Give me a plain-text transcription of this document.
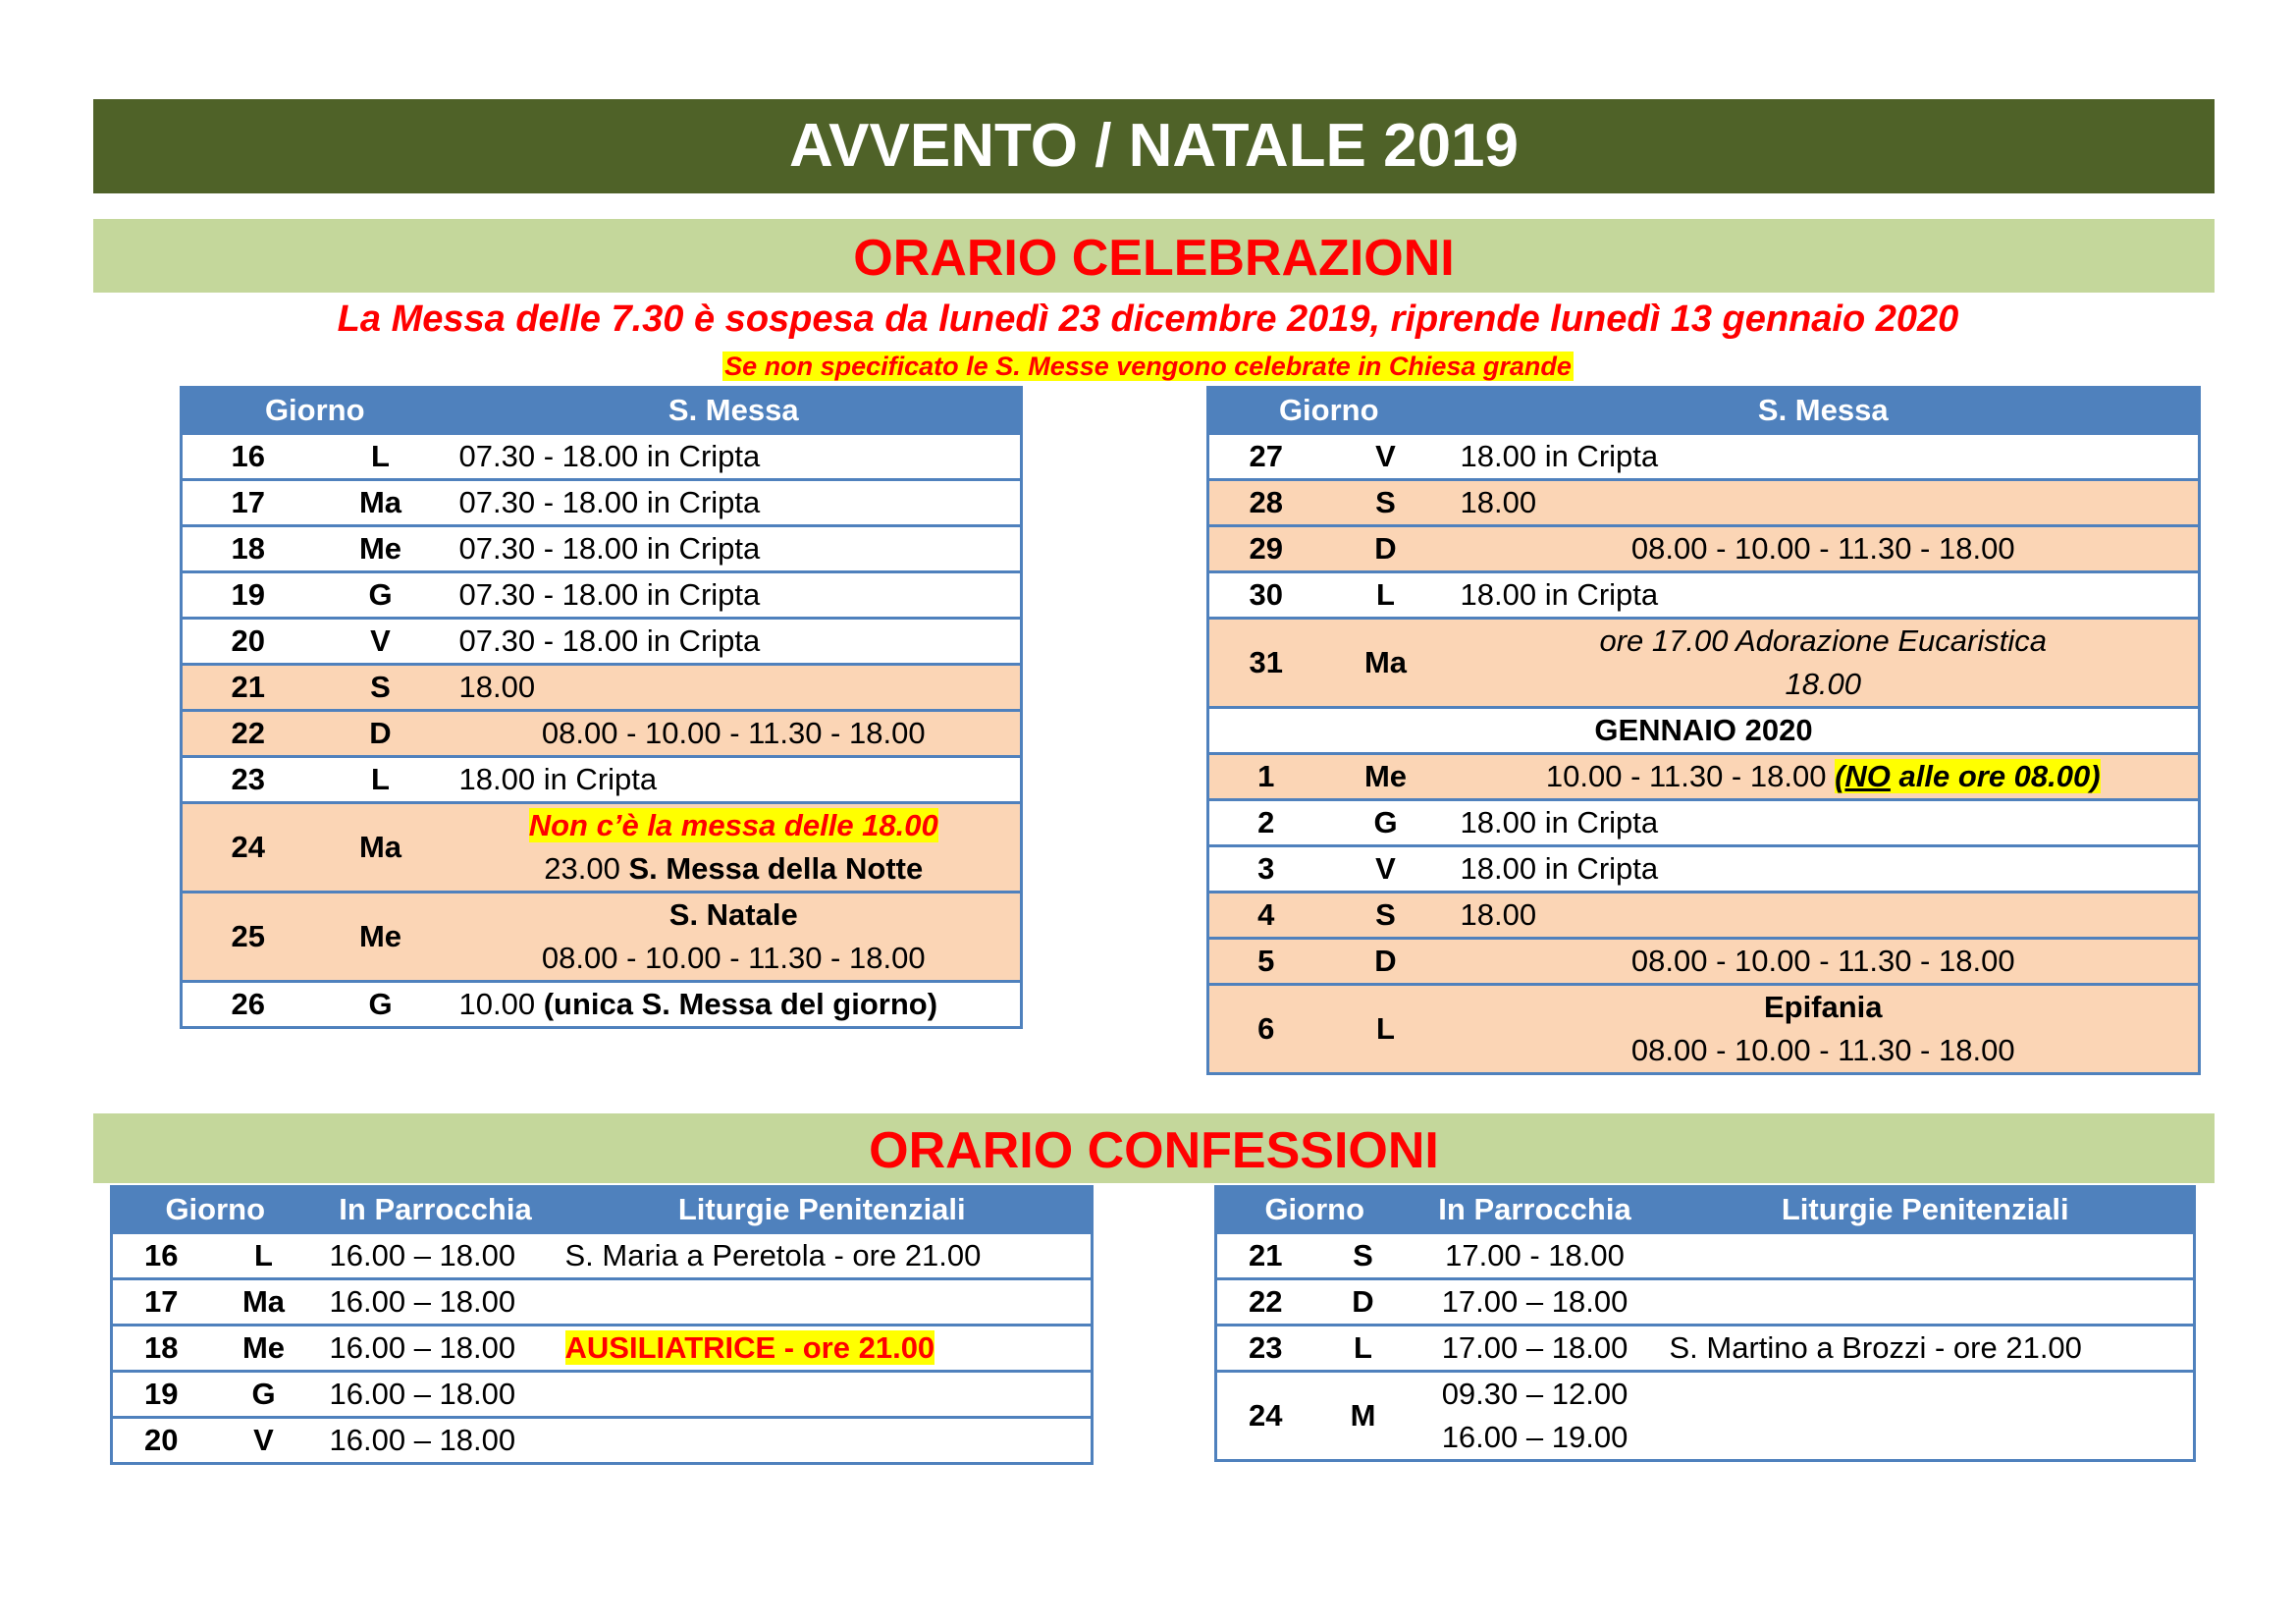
AVVENTO / NATALE 2019
ORARIO CELEBRAZIONI
La Messa delle 7.30 è sospesa da lunedì 23 dicembre 2019, riprende lunedì 13 gennaio 2020
Se non specificato le S. Messe vengono celebrate in Chiesa grande
Giorno		S. Messa
16	L	07.30 - 18.00 in Cripta
17	Ma	07.30 - 18.00 in Cripta
18	Me	07.30 - 18.00 in Cripta
19	G	07.30 - 18.00 in Cripta
20	V	07.30 - 18.00 in Cripta
21	S	18.00
22	D	08.00 - 10.00 - 11.30 - 18.00
23	L	18.00 in Cripta
24	Ma	Non c’è la messa delle 18.00
23.00 S. Messa della Notte

25	Me	S. Natale
08.00 - 10.00 - 11.30 - 18.00

26	G	10.00 (unica S. Messa del giorno)
Giorno		S. Messa
27	V	18.00 in Cripta
28	S	18.00
29	D	08.00 - 10.00 - 11.30 - 18.00
30	L	18.00 in Cripta
31	Ma	ore 17.00 Adorazione Eucaristica
18.00

GENNAIO 2020		
1	Me	10.00 - 11.30 - 18.00 (NO alle ore 08.00)
2	G	18.00 in Cripta
3	V	18.00 in Cripta
4	S	18.00
5	D	08.00 - 10.00 - 11.30 - 18.00
6	L	Epifania
08.00 - 10.00 - 11.30 - 18.00
ORARIO CONFESSIONI
Giorno		In Parrocchia	Liturgie Penitenziali
16	L	16.00 – 18.00	S. Maria a Peretola - ore 21.00
17	Ma	16.00 – 18.00	
18	Me	16.00 – 18.00	AUSILIATRICE - ore 21.00
19	G	16.00 – 18.00	
20	V	16.00 – 18.00	
Giorno		In Parrocchia	Liturgie Penitenziali
21	S	17.00 - 18.00	
22	D	17.00 – 18.00	
23	L	17.00 – 18.00	S. Martino a Brozzi - ore 21.00
24	M	09.30 – 12.00
16.00 – 19.00	
